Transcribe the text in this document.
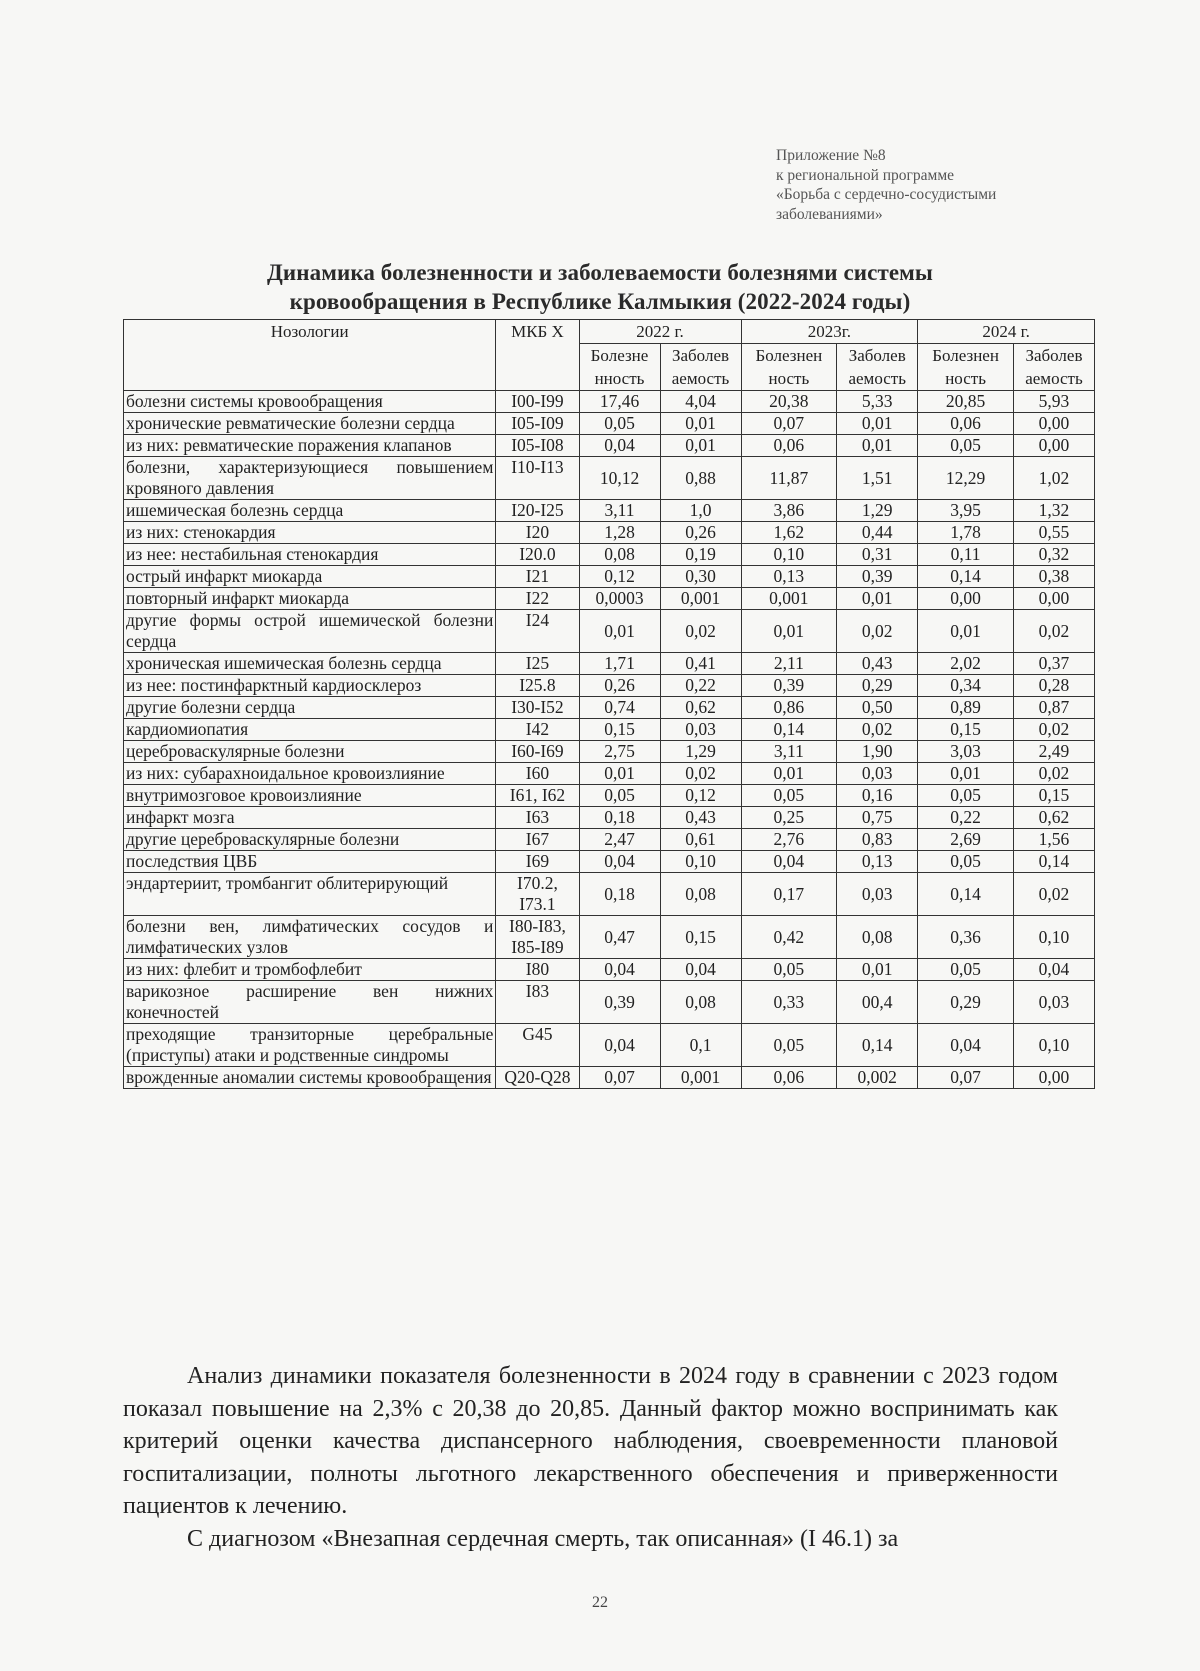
Приложение №8
к региональной программе
«Борьба с сердечно-сосудистыми
заболеваниями»
Динамика болезненности и заболеваемости болезнями системы
кровообращения в Республике Калмыкия (2022-2024 годы)
Нозологии	МКБ X	2022 г.		2023г.		2024 г.	
		Болезне нность	Заболев аемость	Болезнен ность	Заболев аемость	Болезнен ность	Заболев аемость
болезни системы кровообращения	I00-I99	17,46	4,04	20,38	5,33	20,85	5,93
хронические ревматические болезни сердца	I05-I09	0,05	0,01	0,07	0,01	0,06	0,00
из них: ревматические поражения клапанов	I05-I08	0,04	0,01	0,06	0,01	0,05	0,00
болезни, характеризующиеся повышением кровяного давления	I10-I13	10,12	0,88	11,87	1,51	12,29	1,02
ишемическая болезнь сердца	I20-I25	3,11	1,0	3,86	1,29	3,95	1,32
из них: стенокардия	I20	1,28	0,26	1,62	0,44	1,78	0,55
из нее: нестабильная стенокардия	I20.0	0,08	0,19	0,10	0,31	0,11	0,32
острый инфаркт миокарда	I21	0,12	0,30	0,13	0,39	0,14	0,38
повторный инфаркт миокарда	I22	0,0003	0,001	0,001	0,01	0,00	0,00
другие формы острой ишемической болезни сердца	I24	0,01	0,02	0,01	0,02	0,01	0,02
хроническая ишемическая болезнь сердца	I25	1,71	0,41	2,11	0,43	2,02	0,37
из нее: постинфарктный кардиосклероз	I25.8	0,26	0,22	0,39	0,29	0,34	0,28
другие болезни сердца	I30-I52	0,74	0,62	0,86	0,50	0,89	0,87
кардиомиопатия	I42	0,15	0,03	0,14	0,02	0,15	0,02
цереброваскулярные болезни	I60-I69	2,75	1,29	3,11	1,90	3,03	2,49
из них: субарахноидальное кровоизлияние	I60	0,01	0,02	0,01	0,03	0,01	0,02
внутримозговое кровоизлияние	I61, I62	0,05	0,12	0,05	0,16	0,05	0,15
инфаркт мозга	I63	0,18	0,43	0,25	0,75	0,22	0,62
другие цереброваскулярные болезни	I67	2,47	0,61	2,76	0,83	2,69	1,56
последствия ЦВБ	I69	0,04	0,10	0,04	0,13	0,05	0,14
эндартериит, тромбангит облитерирующий	I70.2, I73.1	0,18	0,08	0,17	0,03	0,14	0,02
болезни вен, лимфатических сосудов и лимфатических узлов	I80-I83, I85-I89	0,47	0,15	0,42	0,08	0,36	0,10
из них: флебит и тромбофлебит	I80	0,04	0,04	0,05	0,01	0,05	0,04
варикозное расширение вен нижних конечностей	I83	0,39	0,08	0,33	00,4	0,29	0,03
преходящие транзиторные церебральные (приступы) атаки и родственные синдромы	G45	0,04	0,1	0,05	0,14	0,04	0,10
врожденные аномалии системы кровообращения	Q20-Q28	0,07	0,001	0,06	0,002	0,07	0,00

Анализ динамики показателя болезненности в 2024 году в сравнении с 2023 годом показал повышение на 2,3% с 20,38 до 20,85. Данный фактор можно воспринимать как критерий оценки качества диспансерного наблюдения, своевременности плановой госпитализации, полноты льготного лекарственного обеспечения и приверженности пациентов к лечению.

С диагнозом «Внезапная сердечная смерть, так описанная» (I 46.1) за

22
